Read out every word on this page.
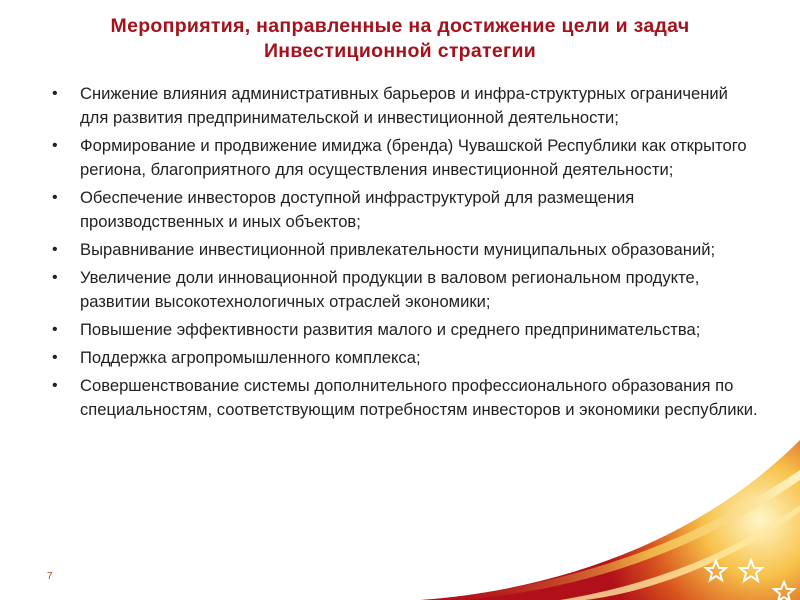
Мероприятия, направленные на достижение цели и задач
Инвестиционной стратегии
• Снижение влияния административных барьеров и инфра-структурных ограничений для развития предпринимательской и инвестиционной деятельности;
• Формирование и продвижение имиджа (бренда) Чувашской Республики как открытого региона, благоприятного для осуществления инвестиционной деятельности;
• Обеспечение инвесторов доступной инфраструктурой для размещения производственных и иных объектов;
• Выравнивание инвестиционной привлекательности муниципальных образований;
• Увеличение доли инновационной продукции в валовом региональном продукте, развитии высокотехнологичных отраслей экономики;
• Повышение эффективности развития малого и среднего предпринимательства;
• Поддержка агропромышленного комплекса;
• Совершенствование системы дополнительного профессионального образования по специальностям, соответствующим потребностям инвесторов и экономики республики.
7
